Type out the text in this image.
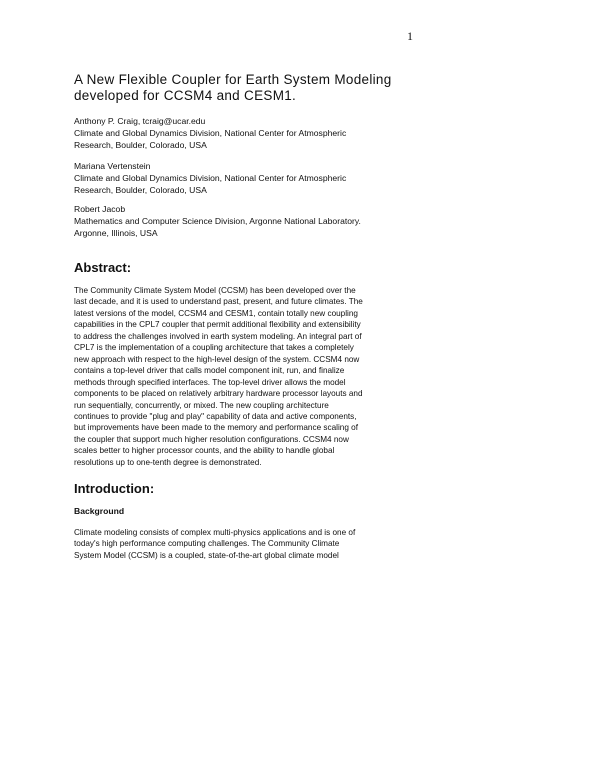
1
A New Flexible Coupler for Earth System Modeling
developed for CCSM4 and CESM1.
Anthony P. Craig, tcraig@ucar.edu
Climate and Global Dynamics Division, National Center for Atmospheric
Research, Boulder, Colorado, USA
Mariana Vertenstein
Climate and Global Dynamics Division, National Center for Atmospheric
Research, Boulder, Colorado, USA
Robert Jacob
Mathematics and Computer Science Division, Argonne National Laboratory.
Argonne, Illinois, USA
Abstract:
The Community Climate System Model (CCSM) has been developed over the
last decade, and it is used to understand past, present, and future climates. The
latest versions of the model, CCSM4 and CESM1, contain totally new coupling
capabilities in the CPL7 coupler that permit additional flexibility and extensibility
to address the challenges involved in earth system modeling. An integral part of
CPL7 is the implementation of a coupling architecture that takes a completely
new approach with respect to the high-level design of the system. CCSM4 now
contains a top-level driver that calls model component init, run, and finalize
methods through specified interfaces. The top-level driver allows the model
components to be placed on relatively arbitrary hardware processor layouts and
run sequentially, concurrently, or mixed. The new coupling architecture
continues to provide "plug and play" capability of data and active components,
but improvements have been made to the memory and performance scaling of
the coupler that support much higher resolution configurations. CCSM4 now
scales better to higher processor counts, and the ability to handle global
resolutions up to one-tenth degree is demonstrated.
Introduction:
Background
Climate modeling consists of complex multi-physics applications and is one of
today's high performance computing challenges. The Community Climate
System Model (CCSM) is a coupled, state-of-the-art global climate model
